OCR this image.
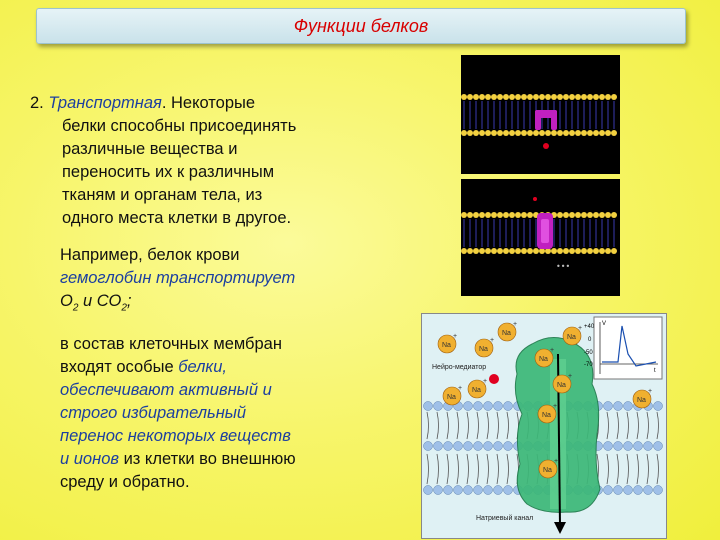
Функции белков
2. Транспортная. Некоторые
белки способны присоединять
различные вещества и
переносить их к различным
тканям и органам тела, из
одного места клетки в другое.
Например, белок крови
гемоглобин транспортирует
$О_2$ и $СО_2$;
в состав клеточных мембран
входят особые белки,
обеспечивают активный и
строго избирательный
перенос некоторых веществ
и ионов из клетки во внешнюю
среду и обратно.
•••
Нейро-медиатор
Натриевый канал
V
t
+40
0
-50
-70
Na
+
Na
+
Na
+
Na
+
Na
+
Na
+ Na
+
Na
+
Na
+
Na
+
Na
+
